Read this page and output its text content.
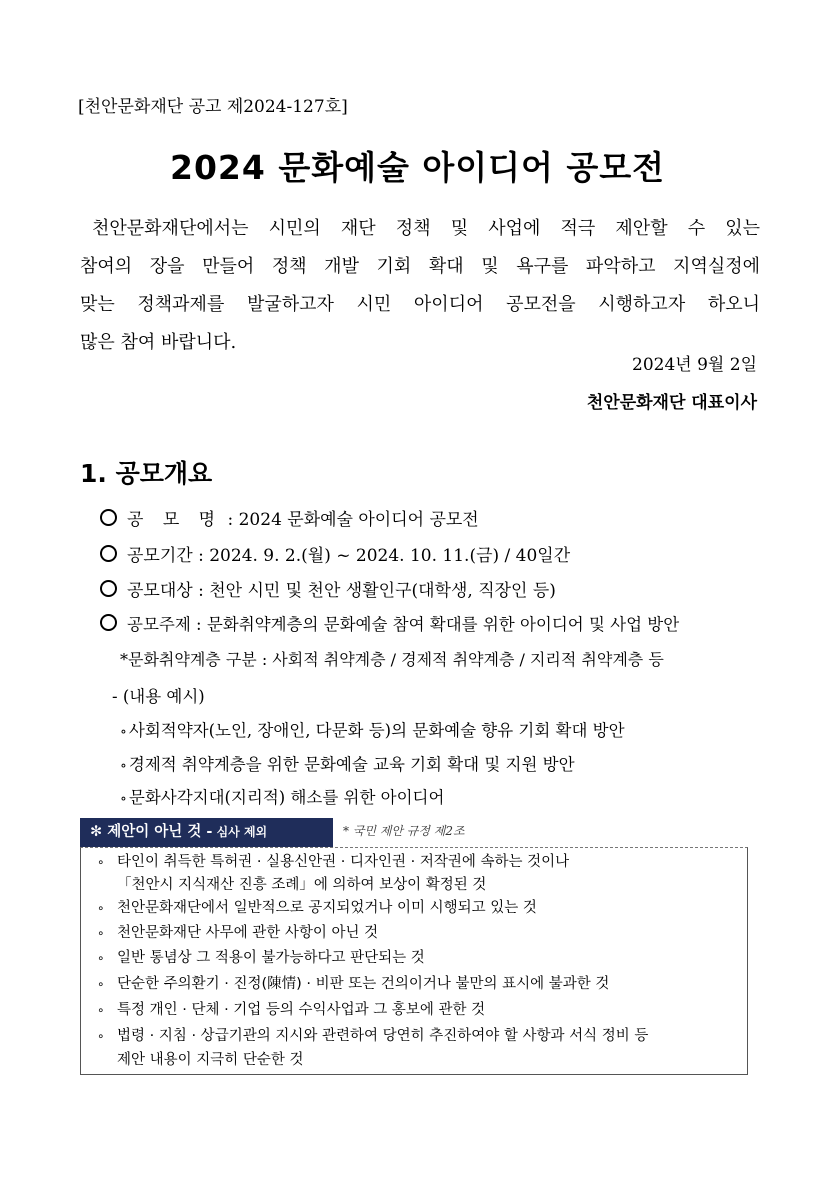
[천안문화재단 공고 제2024-127호]
2024 문화예술 아이디어 공모전

천안문화재단에서는 시민의 재단 정책 및 사업에 적극 제안할 수 있는

참여의 장을 만들어 정책 개발 기회 확대 및 욕구를 파악하고 지역실정에

맞는 정책과제를 발굴하고자 시민 아이디어 공모전을 시행하고자 하오니

많은 참여 바랍니다.

2024년 9월 2일
천안문화재단 대표이사
1. 공모개요
공 모 명 : 2024 문화예술 아이디어 공모전
공모기간 : 2024. 9. 2.(월) ~ 2024. 10. 11.(금) / 40일간
공모대상 : 천안 시민 및 천안 생활인구(대학생, 직장인 등)
공모주제 : 문화취약계층의 문화예술 참여 확대를 위한 아이디어 및 사업 방안
*문화취약계층 구분 : 사회적 취약계층 / 경제적 취약계층 / 지리적 취약계층 등
- (내용 예시)
∘ 사회적약자(노인, 장애인, 다문화 등)의 문화예술 향유 기회 확대 방안
∘ 경제적 취약계층을 위한 문화예술 교육 기회 확대 및 지원 방안
∘ 문화사각지대(지리적) 해소를 위한 아이디어
✻ 제안이 아닌 것 - 심사 제외	* 국민 제안 규정 제2조
∘ 타인이 취득한 특허권 · 실용신안권 · 디자인권 · 저작권에 속하는 것이나
「천안시 지식재산 진흥 조례」에 의하여 보상이 확정된 것
∘ 천안문화재단에서 일반적으로 공지되었거나 이미 시행되고 있는 것
∘ 천안문화재단 사무에 관한 사항이 아닌 것
∘ 일반 통념상 그 적용이 불가능하다고 판단되는 것
∘ 단순한 주의환기 · 진정(陳情) · 비판 또는 건의이거나 불만의 표시에 불과한 것
∘ 특정 개인 · 단체 · 기업 등의 수익사업과 그 홍보에 관한 것
∘ 법령 · 지침 · 상급기관의 지시와 관련하여 당연히 추진하여야 할 사항과 서식 정비 등
제안 내용이 지극히 단순한 것
